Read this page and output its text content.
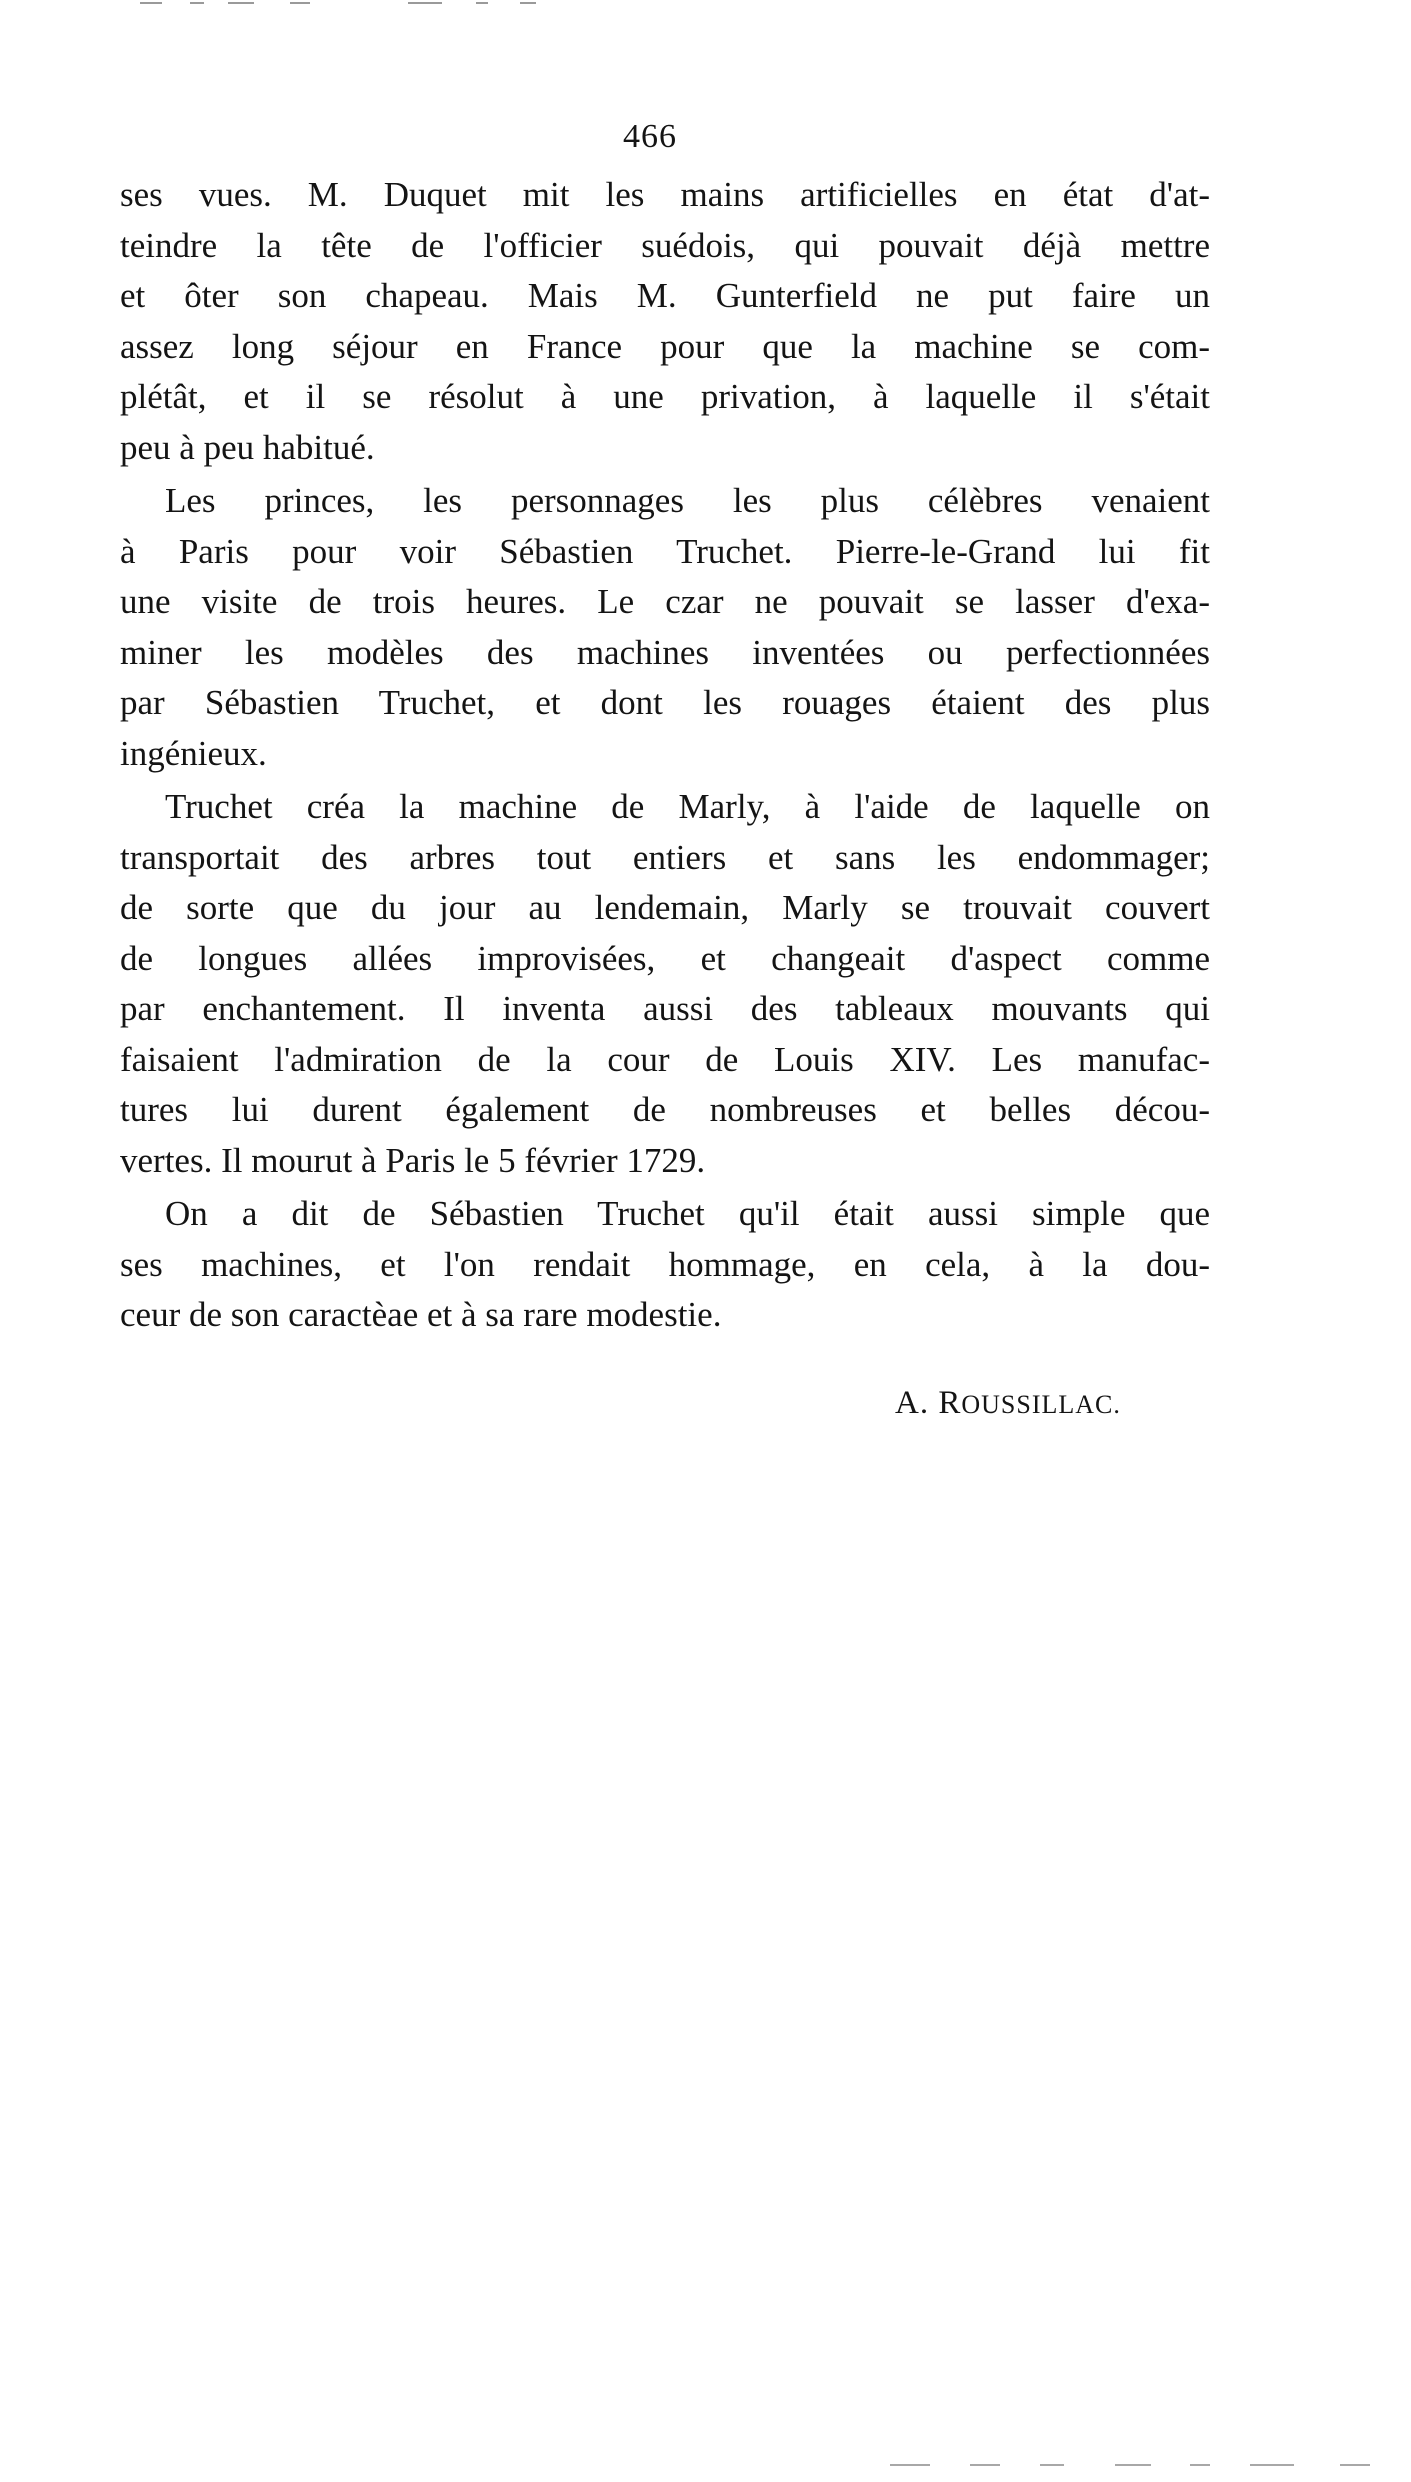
466

ses vues. M. Duquet mit les mains artificielles en état d'at-
teindre la tête de l'officier suédois, qui pouvait déjà mettre
et ôter son chapeau. Mais M. Gunterfield ne put faire un
assez long séjour en France pour que la machine se com-
plétât, et il se résolut à une privation, à laquelle il s'était
peu à peu habitué.

Les princes, les personnages les plus célèbres venaient
à Paris pour voir Sébastien Truchet. Pierre-le-Grand lui fit
une visite de trois heures. Le czar ne pouvait se lasser d'exa-
miner les modèles des machines inventées ou perfectionnées
par Sébastien Truchet, et dont les rouages étaient des plus
ingénieux.

Truchet créa la machine de Marly, à l'aide de laquelle on
transportait des arbres tout entiers et sans les endommager;
de sorte que du jour au lendemain, Marly se trouvait couvert
de longues allées improvisées, et changeait d'aspect comme
par enchantement. Il inventa aussi des tableaux mouvants qui
faisaient l'admiration de la cour de Louis XIV. Les manufac-
tures lui durent également de nombreuses et belles décou-
vertes. Il mourut à Paris le 5 février 1729.

On a dit de Sébastien Truchet qu'il était aussi simple que
ses machines, et l'on rendait hommage, en cela, à la dou-
ceur de son caractèae et à sa rare modestie.

A. ROUSSILLAC.
